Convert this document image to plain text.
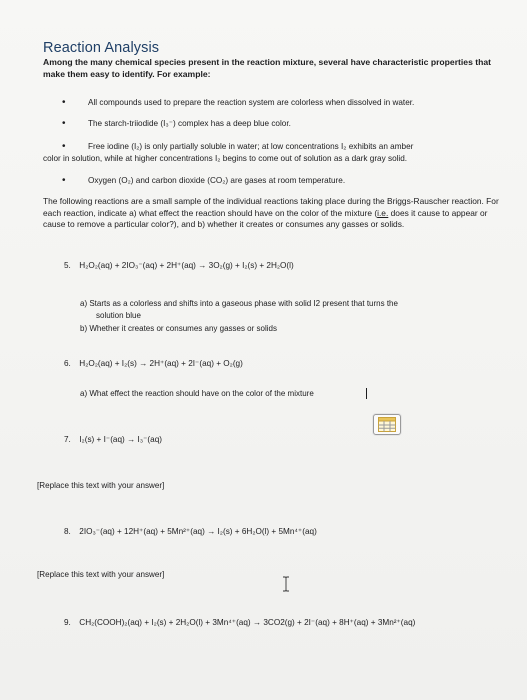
Reaction Analysis
Among the many chemical species present in the reaction mixture, several have characteristic properties that make them easy to identify. For example:
•	All compounds used to prepare the reaction system are colorless when dissolved in water.
•	The starch-triiodide (I₃⁻) complex has a deep blue color.
•	Free iodine (I₂) is only partially soluble in water; at low concentrations I₂ exhibits an amber
color in solution, while at higher concentrations I₂ begins to come out of solution as a dark gray solid.
•	Oxygen (O₂) and carbon dioxide (CO₂) are gases at room temperature.
The following reactions are a small sample of the individual reactions taking place during the Briggs-Rauscher reaction. For each reaction, indicate a) what effect the reaction should have on the color of the mixture (i.e. does it cause to appear or cause to remove a particular color?), and b) whether it creates or consumes any gasses or solids.
5. H₂O₂(aq) + 2IO₃⁻(aq) + 2H⁺(aq) → 3O₂(g) + I₂(s) + 2H₂O(l)
a) Starts as a colorless and shifts into a gaseous phase with solid I2 present that turns the
solution blue
b) Whether it creates or consumes any gasses or solids
6. H₂O₂(aq) + I₂(s) → 2H⁺(aq) + 2I⁻(aq) + O₂(g)
a) What effect the reaction should have on the color of the mixture
7. I₂(s) + I⁻(aq) → I₃⁻(aq)
[Replace this text with your answer]
8. 2IO₃⁻(aq) + 12H⁺(aq) + 5Mn²⁺(aq) → I₂(s) + 6H₂O(l) + 5Mn⁴⁺(aq)
[Replace this text with your answer]
9. CH₂(COOH)₂(aq) + I₂(s) + 2H₂O(l) + 3Mn⁴⁺(aq) → 3CO2(g) + 2I⁻(aq) + 8H⁺(aq) + 3Mn²⁺(aq)
